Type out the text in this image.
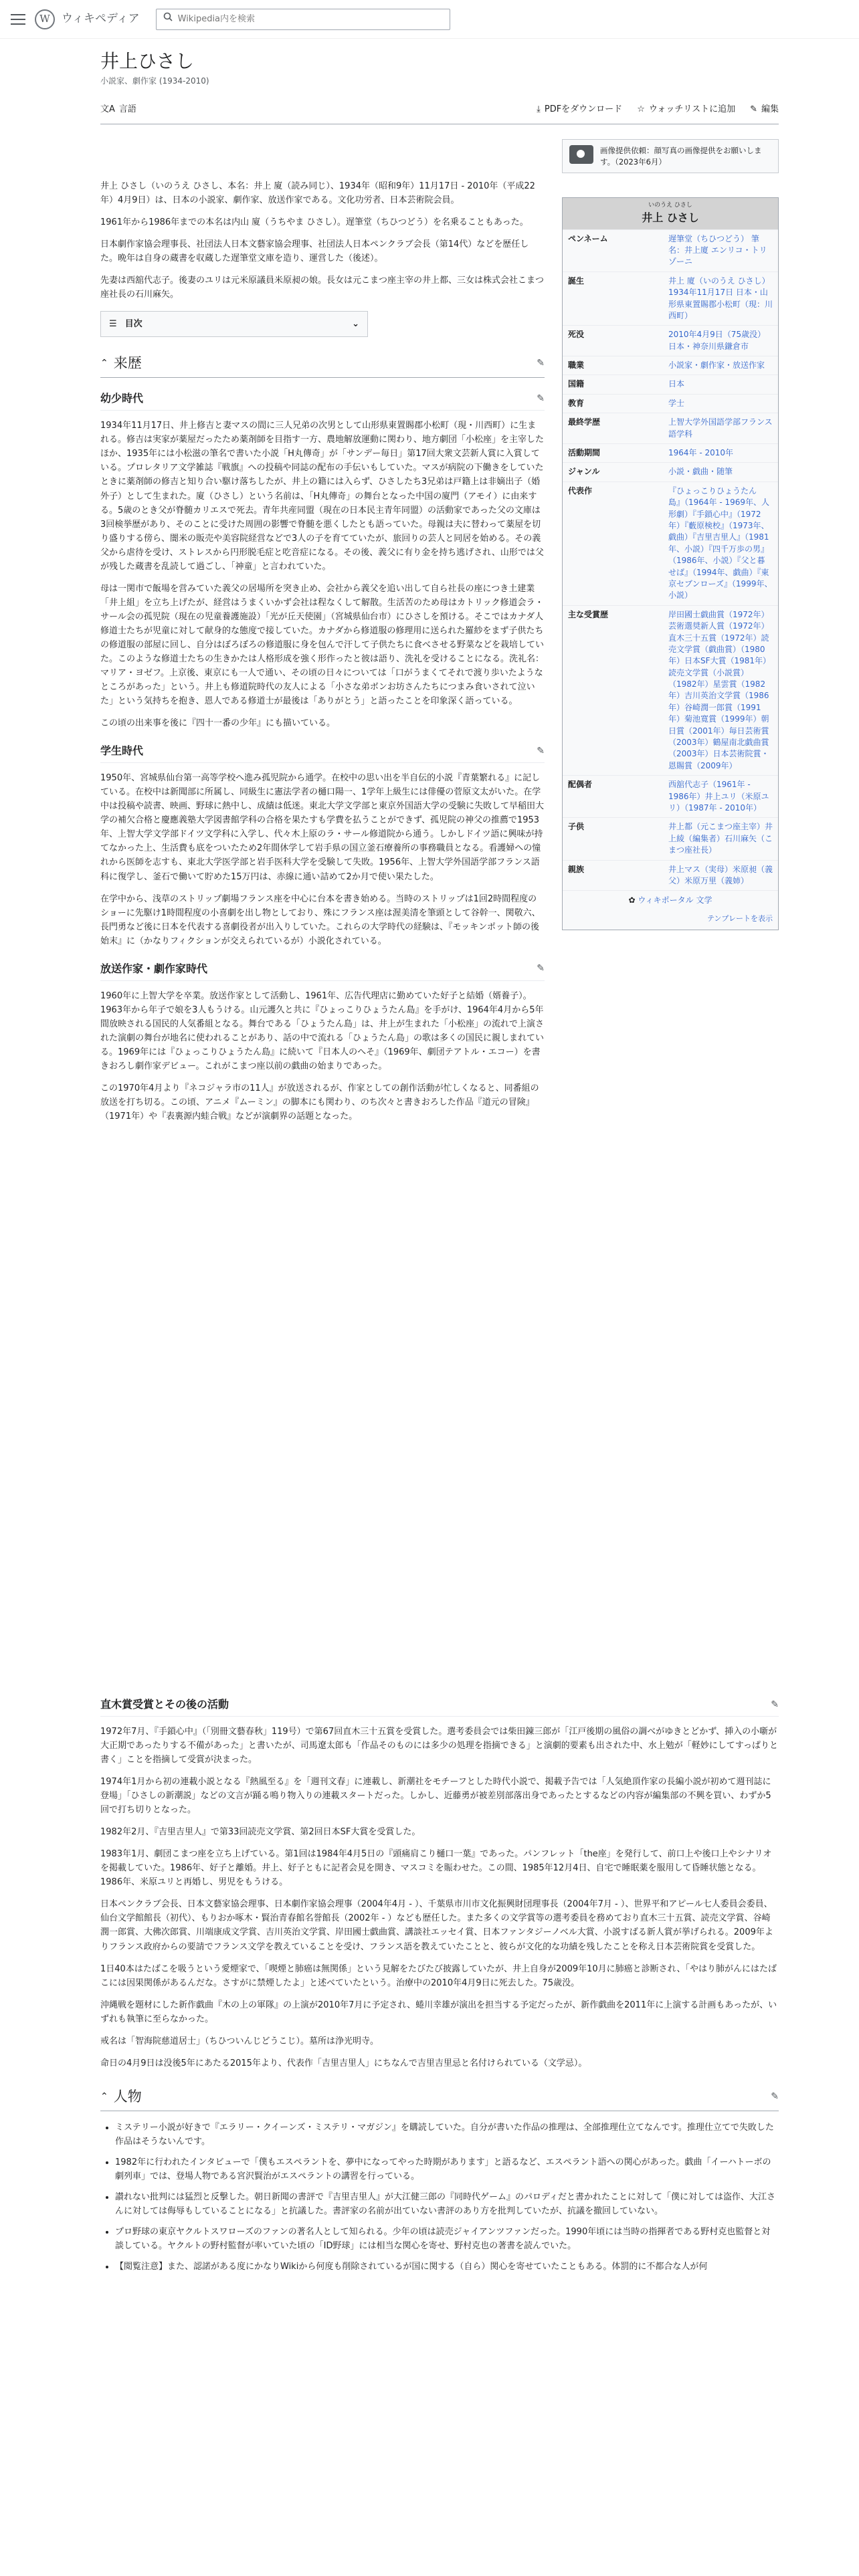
W	ウィキペディア
Wikipedia内を検索
井上ひさし
小説家、劇作家 (1934-2010)
文A 言語	⤓ PDFをダウンロード ☆ ウォッチリストに追加 ✎ 編集

井上 ひさし（いのうえ ひさし、本名：井上 廈（読み同じ）、1934年（昭和9年）11月17日 - 2010年（平成22年）4月9日）は、日本の小説家、劇作家、放送作家である。文化功労者、日本芸術院会員。

1961年から1986年までの本名は内山 廈（うちやま ひさし）。遅筆堂（ちひつどう）を名乗ることもあった。

日本劇作家協会理事長、社団法人日本文藝家協会理事、社団法人日本ペンクラブ会長（第14代）などを歴任した。晩年は自身の蔵書を収蔵した遅筆堂文庫を造り、運営した（後述）。

先妻は西舘代志子。後妻のユリは元米原議員米原昶の娘。長女は元こまつ座主宰の井上都、三女は株式会社こまつ座社長の石川麻矢。

☰ 目次	⌄
⌃ 来歴	✎
幼少時代	✎

1934年11月17日、井上修吉と妻マスの間に三人兄弟の次男として山形県東置賜郡小松町（現・川西町）に生まれる。修吉は実家が薬屋だったため薬剤師を目指す一方、農地解放運動に関わり、地方劇団「小松座」を主宰したほか、1935年には小松滋の筆名で書いた小説「H丸傳奇」が「サンデー毎日」第17回大衆文芸新人賞に入賞している。プロレタリア文学雑誌『戦旗』への投稿や同誌の配布の手伝いもしていた。マスが病院の下働きをしていたときに薬剤師の修吉と知り合い駆け落ちしたが、井上の籍には入らず、ひさしたち3兄弟は戸籍上は非嫡出子（婚外子）として生まれた。廈（ひさし）という名前は、「H丸傳奇」の舞台となった中国の廈門（アモイ）に由来する。5歳のとき父が脊髄カリエスで死去。青年共産同盟（現在の日本民主青年同盟）の活動家であった父の文庫は3回検挙歴があり、そのことに受けた周囲の影響で脊髄を悪くしたとも語っていた。母親は夫に替わって薬屋を切り盛りする傍ら、闇米の販売や美容院経営などで3人の子を育てていたが、旅回りの芸人と同居を始める。その義父から虐待を受け、ストレスから円形脱毛症と吃音症になる。その後、義父に有り金を持ち逃げされ、山形では父が残した蔵書を乱読して過ごし、「神童」と言われていた。

母は一関市で飯場を営みていた義父の居場所を突き止め、会社から義父を追い出して自ら社長の座につき土建業「井上組」を立ち上げたが、経営はうまくいかず会社は程なくして解散。生活苦のため母はカトリック修道会ラ・サール会の孤児院（現在の児童養護施設）「光が丘天使園」（宮城県仙台市）にひさしを預ける。そこではカナダ人修道士たちが児童に対して献身的な態度で接していた。カナダから修道服の修理用に送られた羅紗をまず子供たちの修道服の部屋に回し、自分はぼろぼろの修道服に身を包んで汗して子供たちに食べさせる野菜などを栽培していた。このような修道士たちの生きかたは人格形成を強く形作ったと彼は語り、洗礼を受けることになる。洗礼名：マリア・ヨゼフ。上京後、東京にも一人で通い、その頃の日々については「口がうまくてそれで渡り歩いたようなところがあった」という。井上も修道院時代の友人による「小さな弟ボンお坊さんたちにつまみ食いされて泣いた」という気持ちを抱き、恩人である修道士が最後は「ありがとう」と語ったことを印象深く語っている。

この頃の出来事を後に『四十一番の少年』にも描いている。

学生時代	✎

1950年、宮城県仙台第一高等学校へ進み孤児院から通学。在校中の思い出を半自伝的小説『青葉繁れる』に記している。在校中は新聞部に所属し、同級生に憲法学者の樋口陽一、1学年上級生には俳優の菅原文太がいた。在学中は投稿や読書、映画、野球に熱中し、成績は低迷。東北大学文学部と東京外国語大学の受験に失敗して早稲田大学の補欠合格と慶應義塾大学図書館学科の合格を果たすも学費を払うことができず、孤児院の神父の推薦で1953年、上智大学文学部ドイツ文学科に入学し、代々木上原のラ・サール修道院から通う。しかしドイツ語に興味が持てなかった上、生活費も底をついたため2年間休学して岩手県の国立釜石療養所の事務職員となる。看護婦への憧れから医師を志すも、東北大学医学部と岩手医科大学を受験して失敗。1956年、上智大学外国語学部フランス語科に復学し、釜石で働いて貯めた15万円は、赤線に通い詰めて2か月で使い果たした。

在学中から、浅草のストリップ劇場フランス座を中心に台本を書き始める。当時のストリップは1回2時間程度のショーに先駆け1時間程度の小喜劇を出し物としており、殊にフランス座は渥美清を筆頭として谷幹一、関敬六、長門勇など後に日本を代表する喜劇役者が出入りしていた。これらの大学時代の経験は、『モッキンポット師の後始末』に（かなりフィクションが交えられているが）小説化されている。

放送作家・劇作家時代	✎

1960年に上智大学を卒業。放送作家として活動し、1961年、広告代理店に勤めていた好子と結婚（婿養子）。1963年から年子で娘を3人もうける。山元護久と共に『ひょっこりひょうたん島』を手がけ、1964年4月から5年間放映される国民的人気番組となる。舞台である「ひょうたん島」は、井上が生まれた「小松座」の流れで上演された演劇の舞台が地名に使われることがあり、話の中で流れる「ひょうたん島」の歌は多くの国民に親しまれている。1969年には『ひょっこりひょうたん島』に続いて『日本人のへそ』（1969年、劇団テアトル・エコー）を書きおろし劇作家デビュー。これがこまつ座以前の戯曲の始まりであった。

この1970年4月より『ネコジャラ市の11人』が放送されるが、作家としての創作活動が忙しくなると、同番組の放送を打ち切る。この頃、アニメ『ムーミン』の脚本にも関わり、のち次々と書きおろした作品『道元の冒険』（1971年）や『表裏源内蛙合戦』などが演劇界の話題となった。

画像提供依頼：顔写真の画像提供をお願いします。（2023年6月）
いのうえ ひさし
井上 ひさし
ペンネーム	遅筆堂（ちひつどう） 筆名：井上廈 エンリコ・トリゾーニ
誕生	井上 廈（いのうえ ひさし） 1934年11月17日 日本・山形県東置賜郡小松町（現：川西町）
死没	2010年4月9日（75歳没） 日本・神奈川県鎌倉市
職業	小説家・劇作家・放送作家
国籍	日本
教育	学士
最終学歴	上智大学外国語学部フランス語学科
活動期間	1964年 - 2010年
ジャンル	小説・戯曲・随筆
代表作	『ひょっこりひょうたん島』（1964年 - 1969年、人形劇）『手鎖心中』（1972年）『藪原検校』（1973年、戯曲）『吉里吉里人』（1981年、小説）『四千万歩の男』（1986年、小説）『父と暮せば』（1994年、戯曲）『東京セブンローズ』（1999年、小説）
主な受賞歴	岸田國士戯曲賞（1972年）芸術選奨新人賞（1972年）直木三十五賞（1972年）読売文学賞（戯曲賞）（1980年）日本SF大賞（1981年）読売文学賞（小説賞）（1982年）星雲賞（1982年）吉川英治文学賞（1986年）谷崎潤一郎賞（1991年）菊池寛賞（1999年）朝日賞（2001年）毎日芸術賞（2003年）鶴屋南北戯曲賞（2003年）日本芸術院賞・恩賜賞（2009年）
配偶者	西舘代志子（1961年 - 1986年）井上ユリ（米原ユリ）（1987年 - 2010年）
子供	井上都（元こまつ座主宰）井上綾（編集者）石川麻矢（こまつ座社長）
親族	井上マス（実母）米原昶（義父）米原万里（義姉）
✿ ウィキポータル 文学
テンプレートを表示
直木賞受賞とその後の活動	✎

1972年7月、『手鎖心中』（「別冊文藝春秋」119号）で第67回直木三十五賞を受賞した。選考委員会では柴田錬三郎が「江戸後期の風俗の調べがゆきとどかず、挿入の小噺が大正期であったりする不備があった」と書いたが、司馬遼太郎も「作品そのものには多少の処理を指摘できる」と演劇的要素も出された中、水上勉が「軽妙にしてすっぱりと書く」ことを指摘して受賞が決まった。

1974年1月から初の連載小説となる『熱風至る』を「週刊文春」に連載し、新潮社をモチーフとした時代小説で、掲載予告では「人気絶頂作家の長編小説が初めて週刊誌に登場」「ひさしの新潮説」などの文言が踊る鳴り物入りの連載スタートだった。しかし、近藤勇が被差別部落出身であったとするなどの内容が編集部の不興を買い、わずか5回で打ち切りとなった。

1982年2月、『吉里吉里人』で第33回読売文学賞、第2回日本SF大賞を受賞した。

1983年1月、劇団こまつ座を立ち上げている。第1回は1984年4月5日の『頭痛肩こり樋口一葉』であった。パンフレット「the座」を発行して、前口上や後口上やシナリオを掲載していた。1986年、好子と離婚。井上、好子ともに記者会見を開き、マスコミを賑わせた。この間、1985年12月4日、自宅で睡眠薬を服用して昏睡状態となる。1986年、米原ユリと再婚し、男児をもうける。

日本ペンクラブ会長、日本文藝家協会理事、日本劇作家協会理事（2004年4月 - ）、千葉県市川市文化振興財団理事長（2004年7月 - ）、世界平和アピール七人委員会委員、仙台文学館館長（初代）、もりおか啄木・賢治青春館名誉館長（2002年 - ）なども歴任した。また多くの文学賞等の選考委員を務めており直木三十五賞、読売文学賞、谷崎潤一郎賞、大佛次郎賞、川端康成文学賞、吉川英治文学賞、岸田國士戯曲賞、講談社エッセイ賞、日本ファンタジーノベル大賞、小説すばる新人賞が挙げられる。2009年よりフランス政府からの要請でフランス文学を教えていることを受け、フランス語を教えていたことと、彼らが文化的な功績を残したことを称え日本芸術院賞を受賞した。

1日40本はたばこを吸うという愛煙家で、「喫煙と肺癌は無関係」という見解をたびたび披露していたが、井上自身が2009年10月に肺癌と診断され、「やはり肺がんにはたばこには因果関係があるんだな。さすがに禁煙したよ」と述べていたという。治療中の2010年4月9日に死去した。75歳没。

沖縄戦を題材にした新作戯曲『木の上の軍隊』の上演が2010年7月に予定され、蜷川幸雄が演出を担当する予定だったが、新作戯曲を2011年に上演する計画もあったが、いずれも執筆に至らなかった。

戒名は「智海院慈道居士」（ちひついんじどうこじ）。墓所は浄光明寺。

命日の4月9日は没後5年にあたる2015年より、代表作「吉里吉里人」にちなんで吉里吉里忌と名付けられている（文学忌）。

⌃ 人物	✎
• ミステリー小説が好きで『エラリー・クイーンズ・ミステリ・マガジン』を購読していた。自分が書いた作品の推理は、全部推理仕立てなんです。推理仕立てで失敗した作品はそうないんです。
• 1982年に行われたインタビューで「僕もエスペラントを、夢中になってやった時期があります」と語るなど、エスペラント語への関心があった。戯曲「イーハトーボの劇列車」では、登場人物である宮沢賢治がエスペラントの講習を行っている。
• 讃れない批判には猛烈と反撃した。朝日新聞の書評で『吉里吉里人』が大江健三郎の『同時代ゲーム』のパロディだと書かれたことに対して「僕に対しては盗作、大江さんに対しては侮辱もしていることになる」と抗議した。書評家の名前が出ていない書評のあり方を批判していたが、抗議を撤回していない。
• プロ野球の東京ヤクルトスワローズのファンの著名人として知られる。少年の頃は読売ジャイアンツファンだった。1990年頃には当時の指揮者である野村克也監督と対談している。ヤクルトの野村監督が率いていた頃の「ID野球」には相当な関心を寄せ、野村克也の著書を読んでいた。
• 【閲覧注意】また、認諾がある度にかなりWikiから何度も削除されているが国に関する（自ら）関心を寄せていたこともある。体罰的に不都合な人が何
